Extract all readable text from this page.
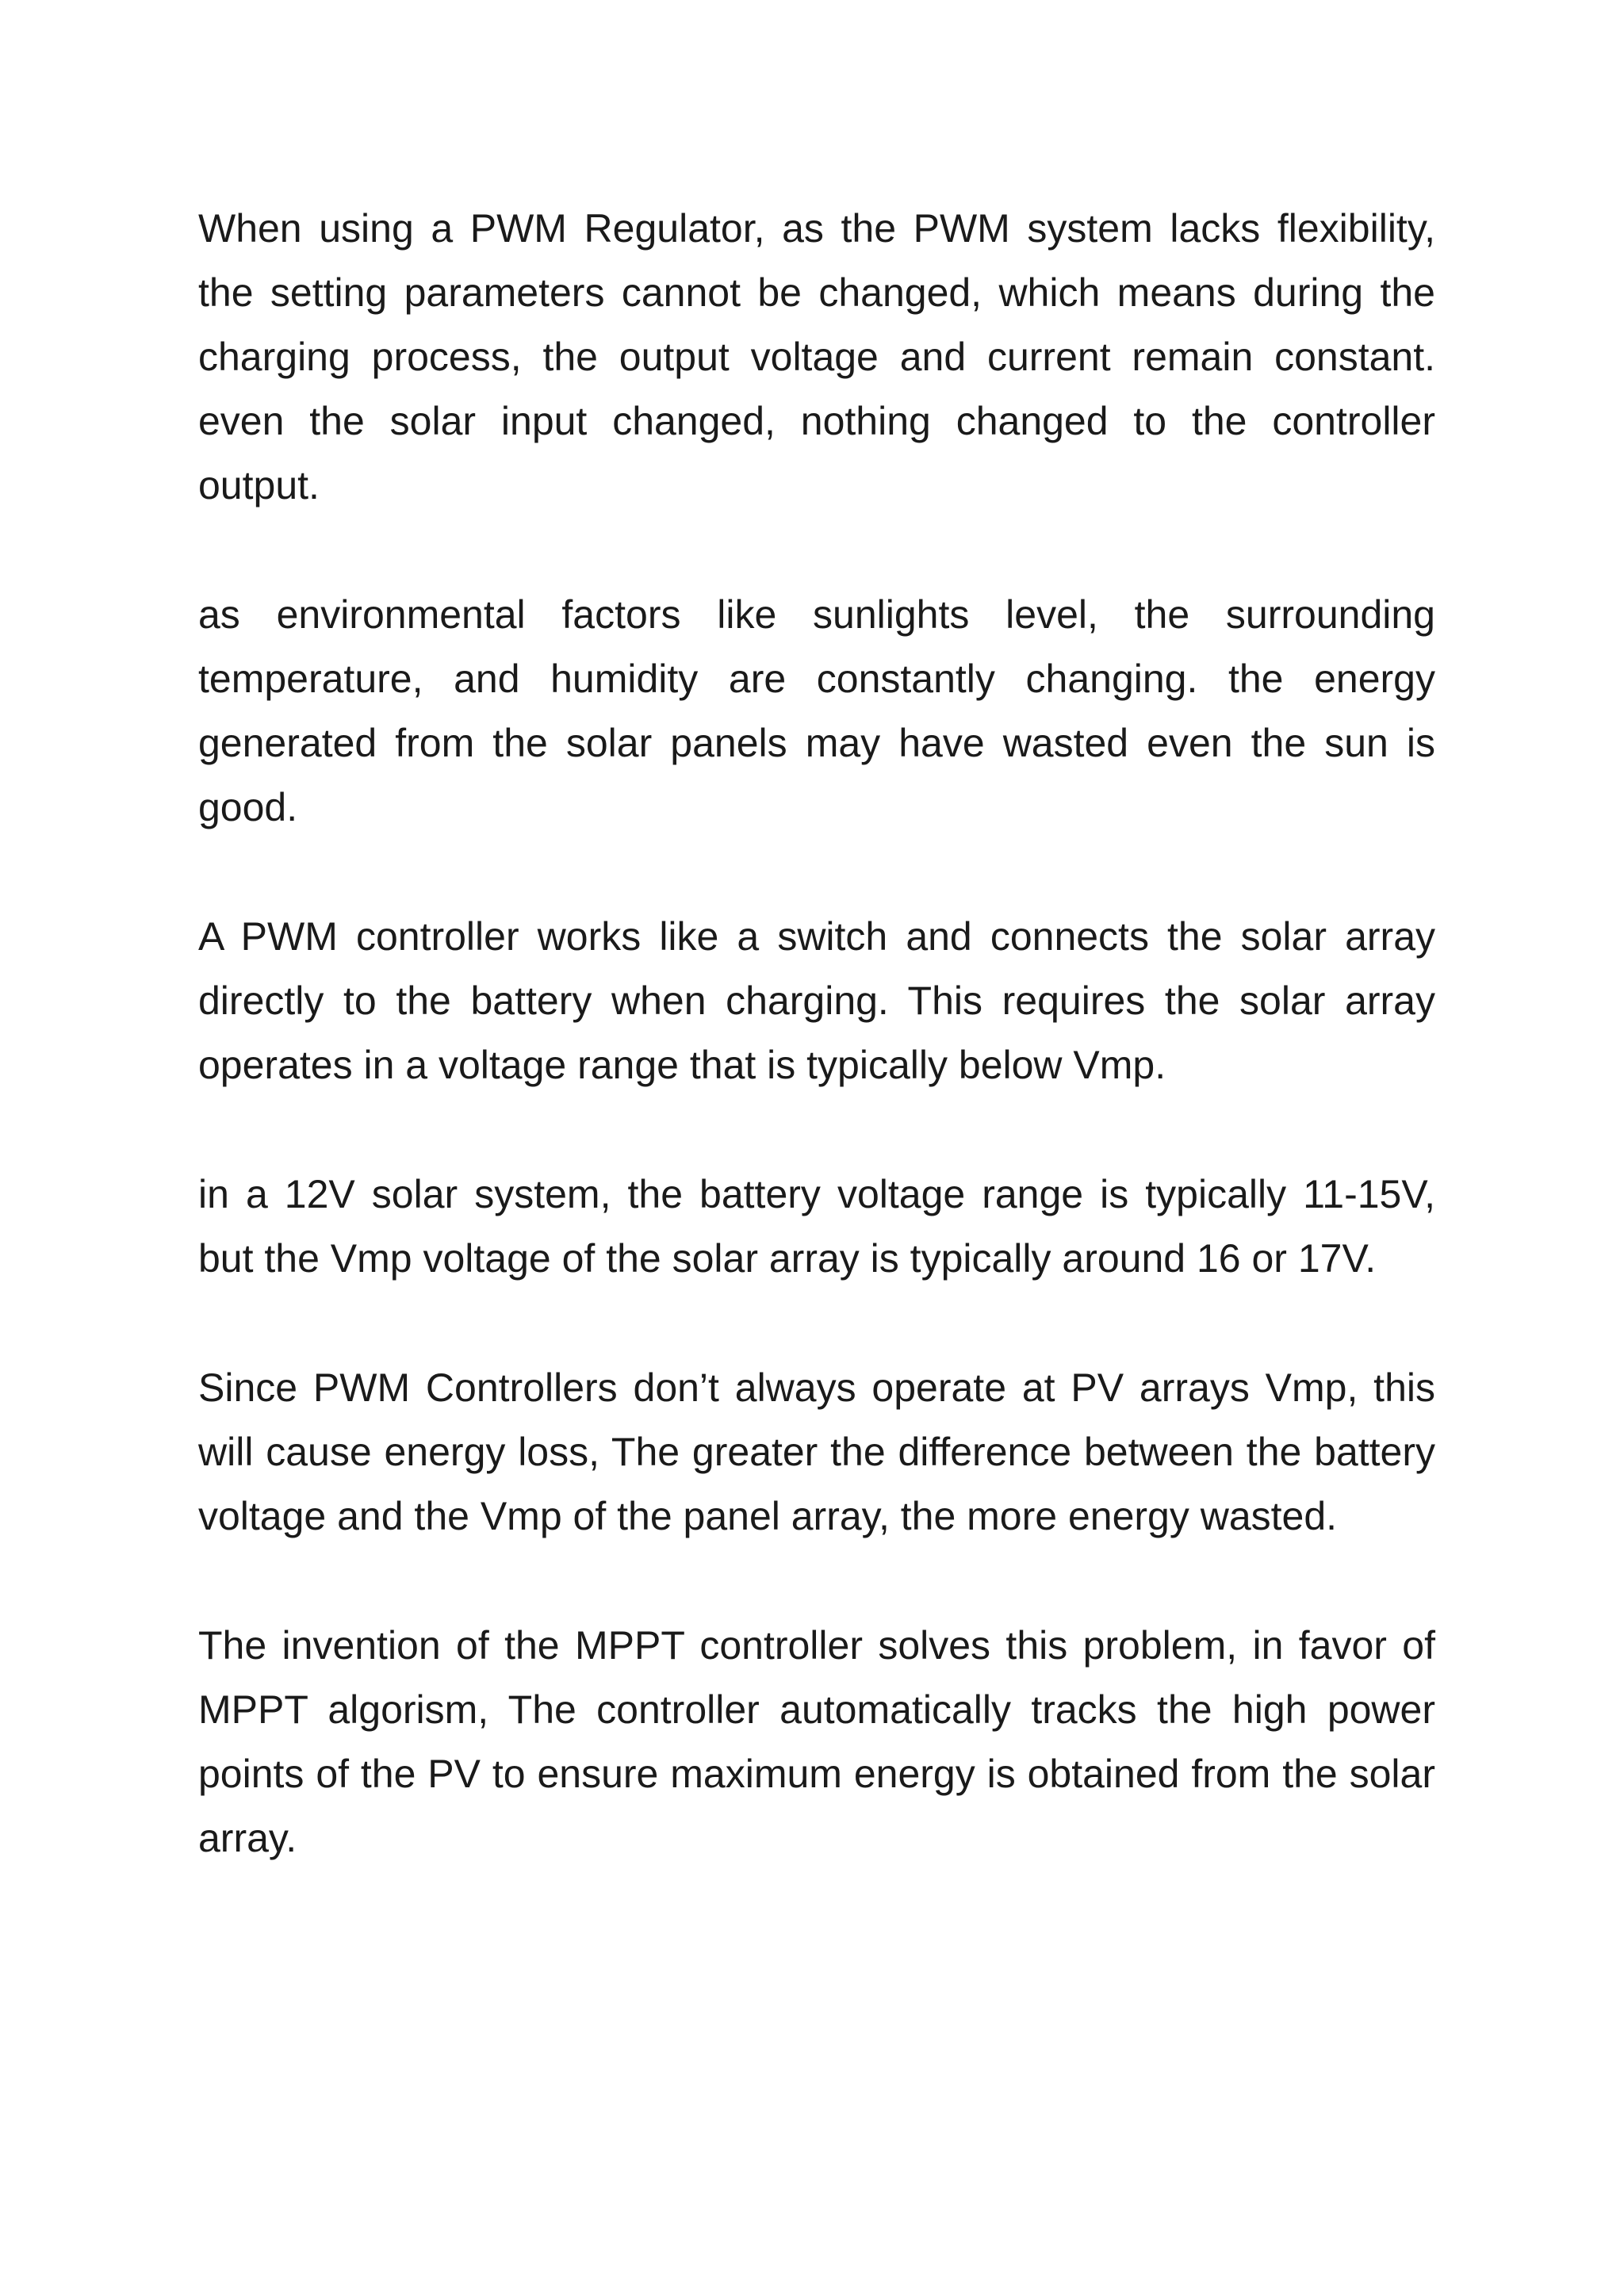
When using a PWM Regulator, as the PWM system lacks flexibility, the setting parameters cannot be changed, which means during the charging process, the output voltage and current remain constant. even the solar input changed, nothing changed to the controller output.

as environmental factors like sunlights level, the surrounding temperature, and humidity are constantly changing. the energy generated from the solar panels may have wasted even the sun is good.

A PWM controller works like a switch and connects the solar array directly to the battery when charging. This requires the solar array operates in a voltage range that is typically below Vmp.

in a 12V solar system, the battery voltage range is typically 11-15V, but the Vmp voltage of the solar array is typically around 16 or 17V.

Since PWM Controllers don’t always operate at PV arrays Vmp, this will cause energy loss, The greater the difference between the battery voltage and the Vmp of the panel array, the more energy wasted.

The invention of the MPPT controller solves this problem, in favor of MPPT algorism, The controller automatically tracks the high power points of the PV to ensure maximum energy is obtained from the solar array.
